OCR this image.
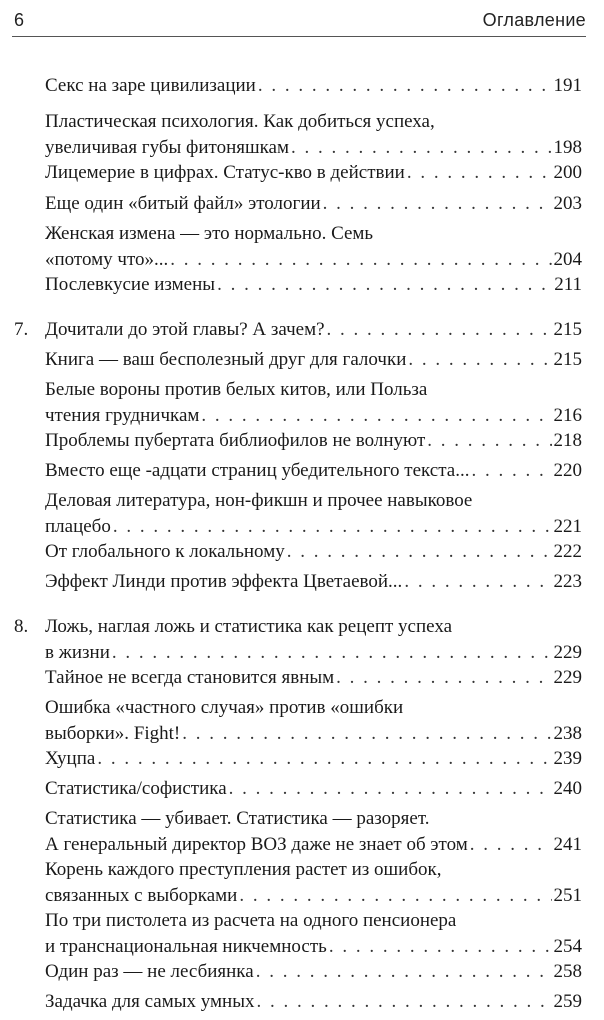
6	Оглавление
Секс на заре цивилизации . . .	191
Пластическая психология. Как добиться успеха,
увеличивая губы фитоняшкам . . .	198
Лицемерие в цифрах. Статус-кво в действии . . .	200
Еще один «битый файл» этологии . . .	203
Женская измена — это нормально. Семь
«потому что»... . . .	204
Послевкусие измены . . .	211
7. Дочитали до этой главы? А зачем? . . .	215
Книга — ваш бесполезный друг для галочки . . .	215
Белые вороны против белых китов, или Польза
чтения грудничкам . . .	216
Проблемы пубертата библиофилов не волнуют . . .	218
Вместо еще -адцати страниц убедительного текста... . . .	220
Деловая литература, нон-фикшн и прочее навыковое
плацебо . . .	221
От глобального к локальному . . .	222
Эффект Линди против эффекта Цветаевой... . . .	223
8. Ложь, наглая ложь и статистика как рецепт успеха
в жизни . . .	229
Тайное не всегда становится явным . . .	229
Ошибка «частного случая» против «ошибки
выборки». Fight! . . .	238
Хуцпа . . .	239
Статистика/софистика . . .	240
Статистика — убивает. Статистика — разоряет.
А генеральный директор ВОЗ даже не знает об этом . . .	241
Корень каждого преступления растет из ошибок,
связанных с выборками . . .	251
По три пистолета из расчета на одного пенсионера
и транснациональная никчемность . . .	254
Один раз — не лесбиянка . . .	258
Задачка для самых умных . . .	259
